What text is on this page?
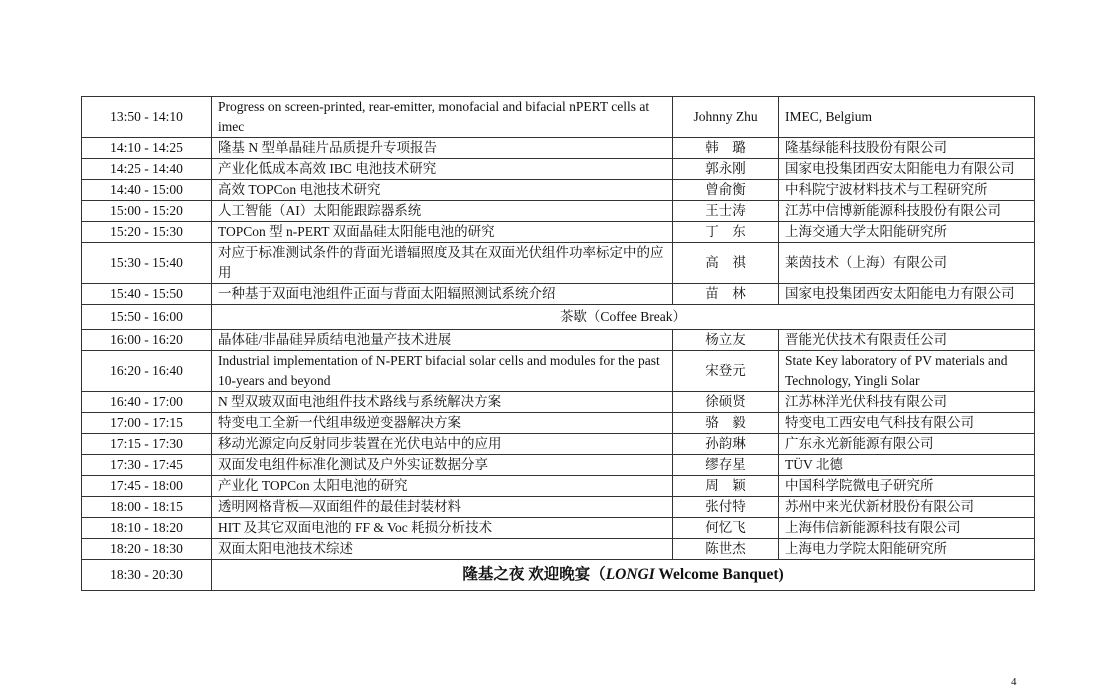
13:50 - 14:10	Progress on screen-printed, rear-emitter, monofacial and bifacial nPERT cells at imec	Johnny Zhu	IMEC, Belgium
14:10 - 14:25	隆基 N 型单晶硅片品质提升专项报告	韩　璐	隆基绿能科技股份有限公司
14:25 - 14:40	产业化低成本高效 IBC 电池技术研究	郭永刚	国家电投集团西安太阳能电力有限公司
14:40 - 15:00	高效 TOPCon 电池技术研究	曾俞衡	中科院宁波材料技术与工程研究所
15:00 - 15:20	人工智能（AI）太阳能跟踪器系统	王士涛	江苏中信博新能源科技股份有限公司
15:20 - 15:30	TOPCon 型 n-PERT 双面晶硅太阳能电池的研究	丁　东	上海交通大学太阳能研究所
15:30 - 15:40	对应于标准测试条件的背面光谱辐照度及其在双面光伏组件功率标定中的应用	高　祺	莱茵技术（上海）有限公司
15:40 - 15:50	一种基于双面电池组件正面与背面太阳辐照测试系统介绍	苗　林	国家电投集团西安太阳能电力有限公司
15:50 - 16:00	茶歇（Coffee Break）		
16:00 - 16:20	晶体硅/非晶硅异质结电池量产技术进展	杨立友	晋能光伏技术有限责任公司
16:20 - 16:40	Industrial implementation of N-PERT bifacial solar cells and modules for the past 10-years and beyond	宋登元	State Key laboratory of PV materials and Technology, Yingli Solar
16:40 - 17:00	N 型双玻双面电池组件技术路线与系统解决方案	徐硕贤	江苏林洋光伏科技有限公司
17:00 - 17:15	特变电工全新一代组串级逆变器解决方案	骆　毅	特变电工西安电气科技有限公司
17:15 - 17:30	移动光源定向反射同步装置在光伏电站中的应用	孙韵琳	广东永光新能源有限公司
17:30 - 17:45	双面发电组件标准化测试及户外实证数据分享	缪存星	TÜV 北德
17:45 - 18:00	产业化 TOPCon 太阳电池的研究	周　颖	中国科学院微电子研究所
18:00 - 18:15	透明网格背板—双面组件的最佳封装材料	张付特	苏州中来光伏新材股份有限公司
18:10 - 18:20	HIT 及其它双面电池的 FF & Voc 耗损分析技术	何忆飞	上海伟信新能源科技有限公司
18:20 - 18:30	双面太阳电池技术综述	陈世杰	上海电力学院太阳能研究所
18:30 - 20:30	隆基之夜 欢迎晚宴（LONGI Welcome Banquet)		
4
